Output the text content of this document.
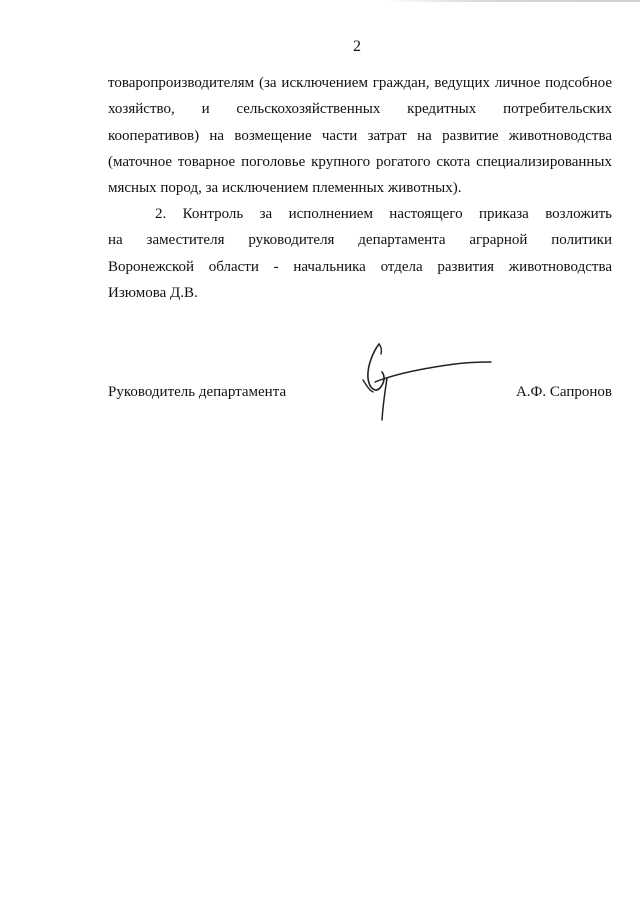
2
товаропроизводителям (за исключением граждан, ведущих личное подсобное
хозяйство, и сельскохозяйственных кредитных потребительских
кооперативов) на возмещение части затрат на развитие животноводства
(маточное товарное поголовье крупного рогатого скота специализированных
мясных пород, за исключением племенных животных).
2. Контроль за исполнением настоящего приказа возложить
на заместителя руководителя департамента аграрной политики
Воронежской области - начальника отдела развития животноводства
Изюмова Д.В.
Руководитель департамента	А.Ф. Сапронов
